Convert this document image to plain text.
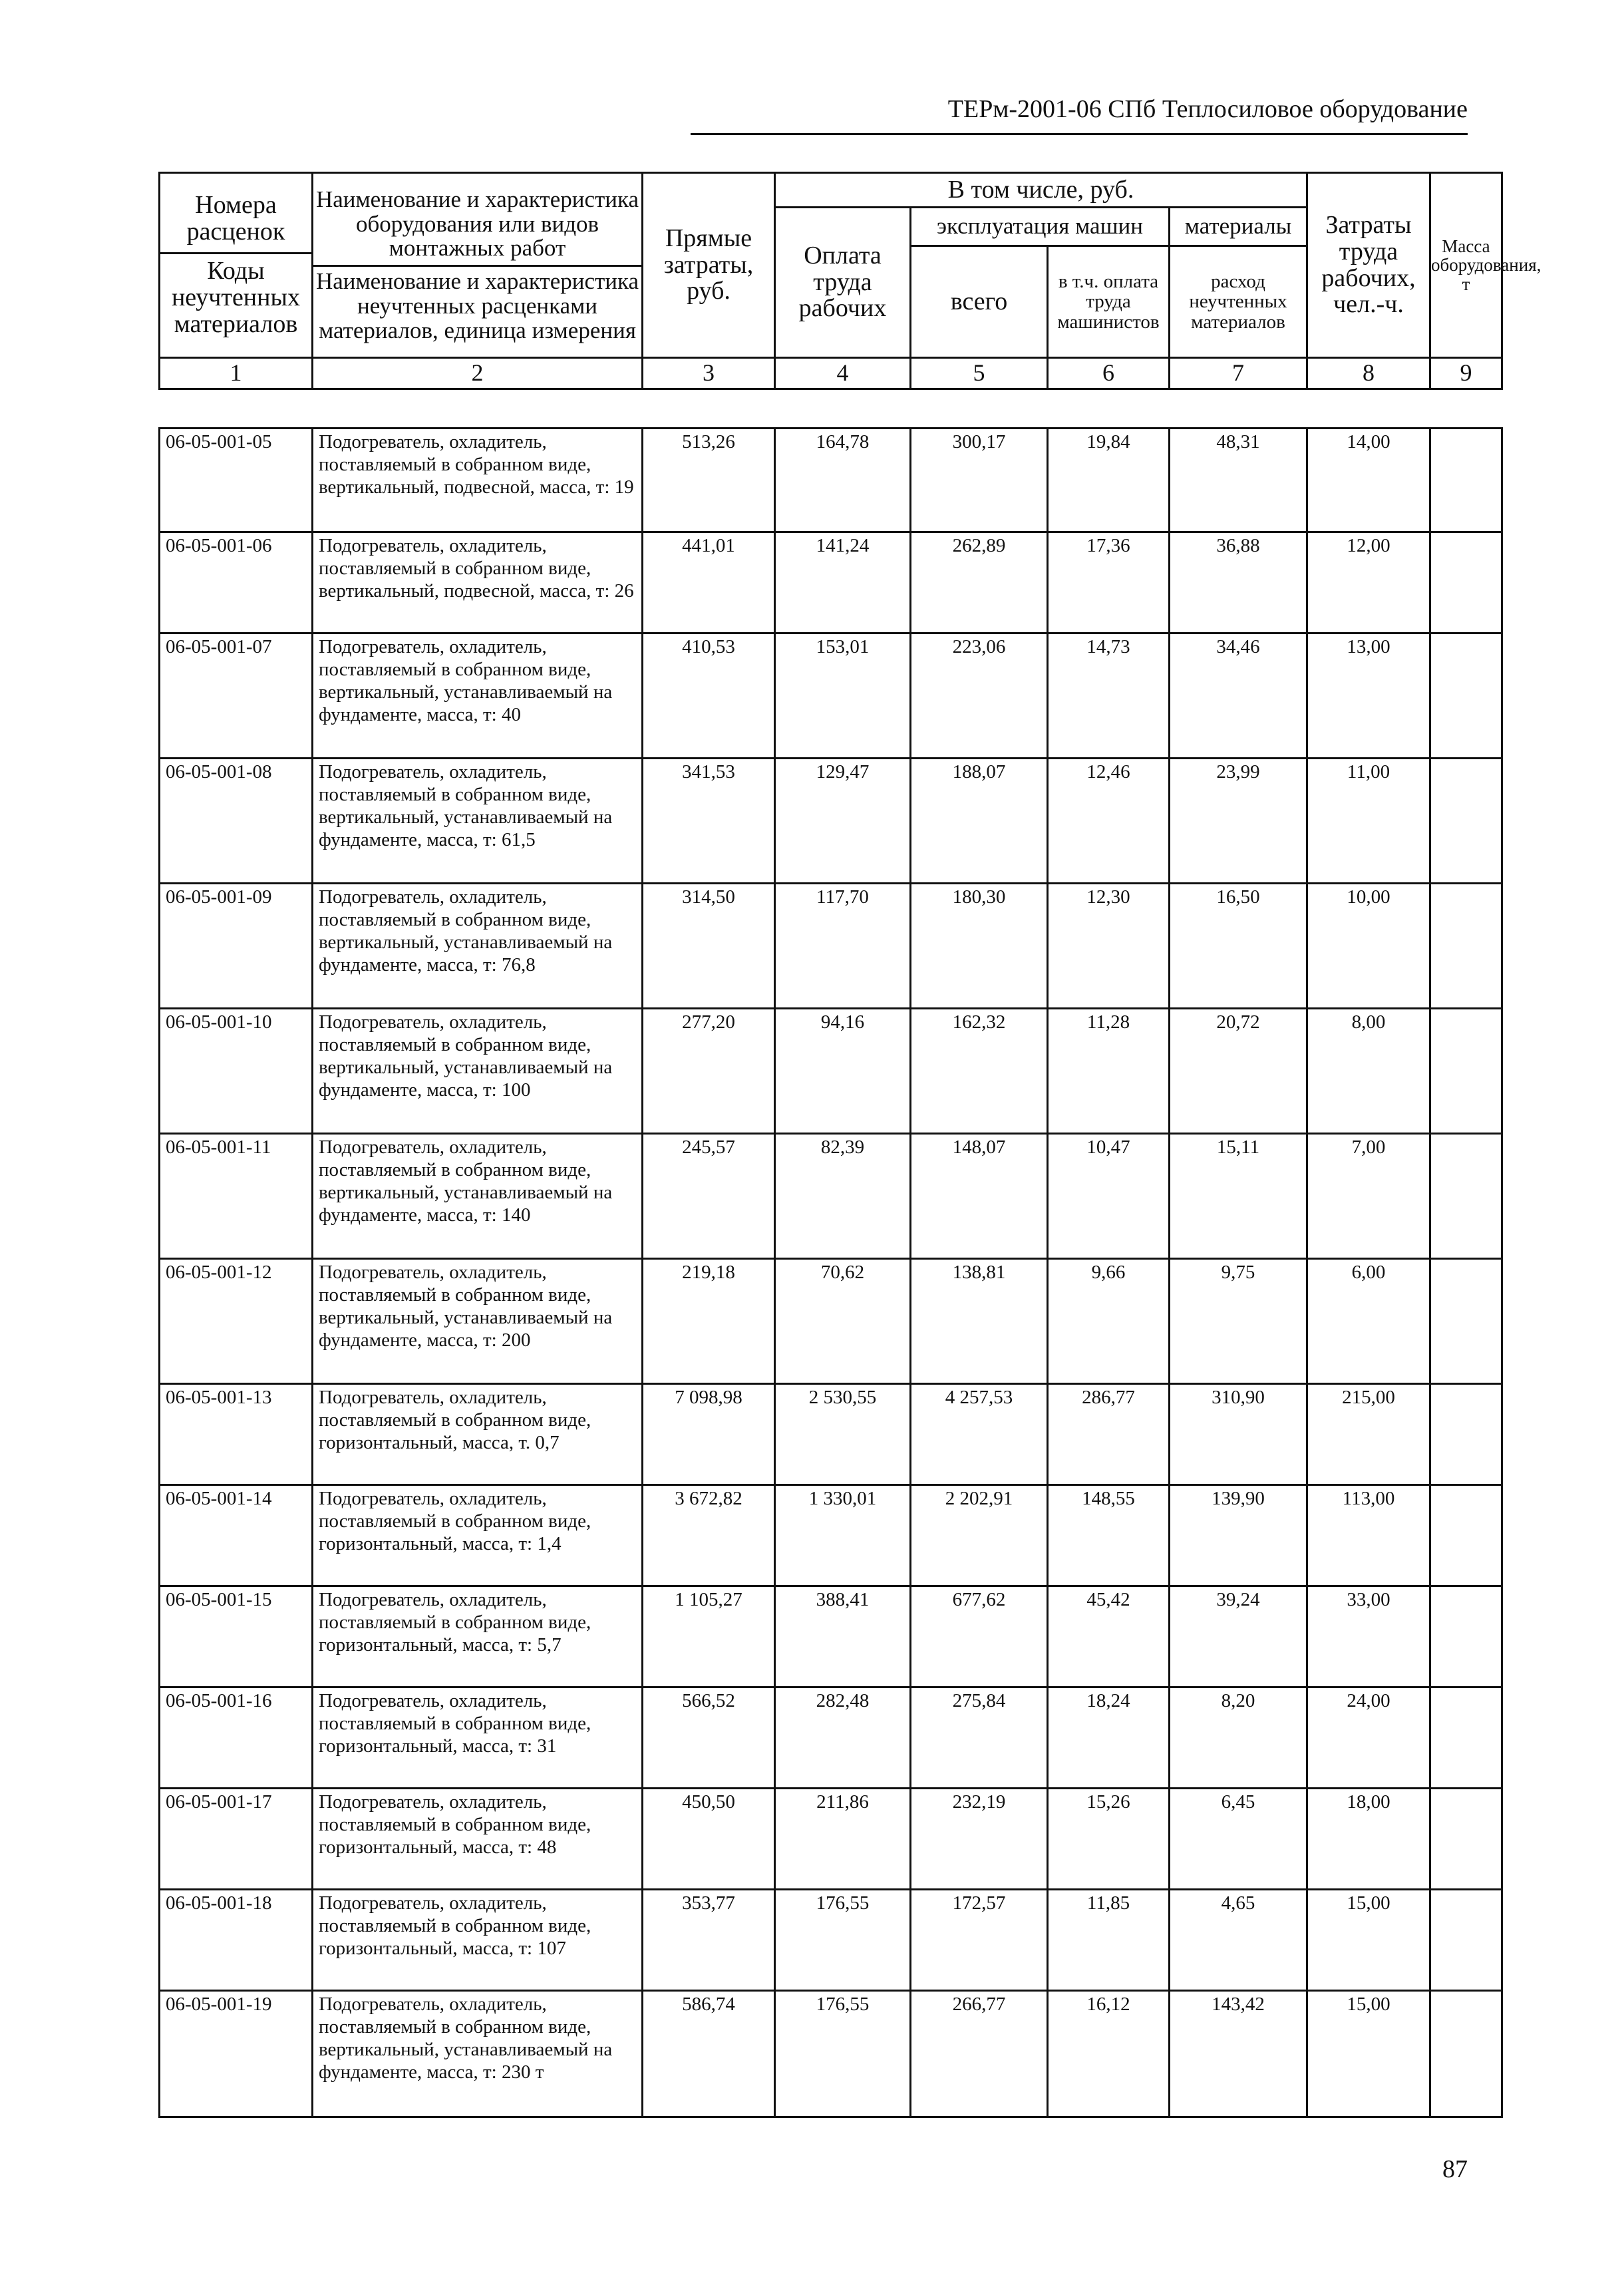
ТЕРм-2001-06 СПб Теплосиловое оборудование
Номера расценок
Коды неучтенных материалов	Наименование и характеристика оборудования или видов монтажных работ
Наименование и характеристика неучтенных расценками материалов, единица измерения	Прямые затраты, руб.	В том числе, руб.				Затраты труда рабочих, чел.-ч.	Масса оборудования, т
			Оплата труда рабочих	эксплуатация машин		материалы		
				всего	в т.ч. оплата труда машинистов	расход неучтенных материалов		
1	2	3	4	5	6	7	8	9
06-05-001-05	Подогреватель, охладитель, поставляемый в собранном виде, вертикальный, подвесной, масса, т: 19	513,26	164,78	300,17	19,84	48,31	14,00	
06-05-001-06	Подогреватель, охладитель, поставляемый в собранном виде, вертикальный, подвесной, масса, т: 26	441,01	141,24	262,89	17,36	36,88	12,00	
06-05-001-07	Подогреватель, охладитель, поставляемый в собранном виде, вертикальный, устанавливаемый на фундаменте, масса, т: 40	410,53	153,01	223,06	14,73	34,46	13,00	
06-05-001-08	Подогреватель, охладитель, поставляемый в собранном виде, вертикальный, устанавливаемый на фундаменте, масса, т: 61,5	341,53	129,47	188,07	12,46	23,99	11,00	
06-05-001-09	Подогреватель, охладитель, поставляемый в собранном виде, вертикальный, устанавливаемый на фундаменте, масса, т: 76,8	314,50	117,70	180,30	12,30	16,50	10,00	
06-05-001-10	Подогреватель, охладитель, поставляемый в собранном виде, вертикальный, устанавливаемый на фундаменте, масса, т: 100	277,20	94,16	162,32	11,28	20,72	8,00	
06-05-001-11	Подогреватель, охладитель, поставляемый в собранном виде, вертикальный, устанавливаемый на фундаменте, масса, т: 140	245,57	82,39	148,07	10,47	15,11	7,00	
06-05-001-12	Подогреватель, охладитель, поставляемый в собранном виде, вертикальный, устанавливаемый на фундаменте, масса, т: 200	219,18	70,62	138,81	9,66	9,75	6,00	
06-05-001-13	Подогреватель, охладитель, поставляемый в собранном виде, горизонтальный, масса, т. 0,7	7 098,98	2 530,55	4 257,53	286,77	310,90	215,00	
06-05-001-14	Подогреватель, охладитель, поставляемый в собранном виде, горизонтальный, масса, т: 1,4	3 672,82	1 330,01	2 202,91	148,55	139,90	113,00	
06-05-001-15	Подогреватель, охладитель, поставляемый в собранном виде, горизонтальный, масса, т: 5,7	1 105,27	388,41	677,62	45,42	39,24	33,00	
06-05-001-16	Подогреватель, охладитель, поставляемый в собранном виде, горизонтальный, масса, т: 31	566,52	282,48	275,84	18,24	8,20	24,00	
06-05-001-17	Подогреватель, охладитель, поставляемый в собранном виде, горизонтальный, масса, т: 48	450,50	211,86	232,19	15,26	6,45	18,00	
06-05-001-18	Подогреватель, охладитель, поставляемый в собранном виде, горизонтальный, масса, т: 107	353,77	176,55	172,57	11,85	4,65	15,00	
06-05-001-19	Подогреватель, охладитель, поставляемый в собранном виде, вертикальный, устанавливаемый на фундаменте, масса, т: 230 т	586,74	176,55	266,77	16,12	143,42	15,00	
87
